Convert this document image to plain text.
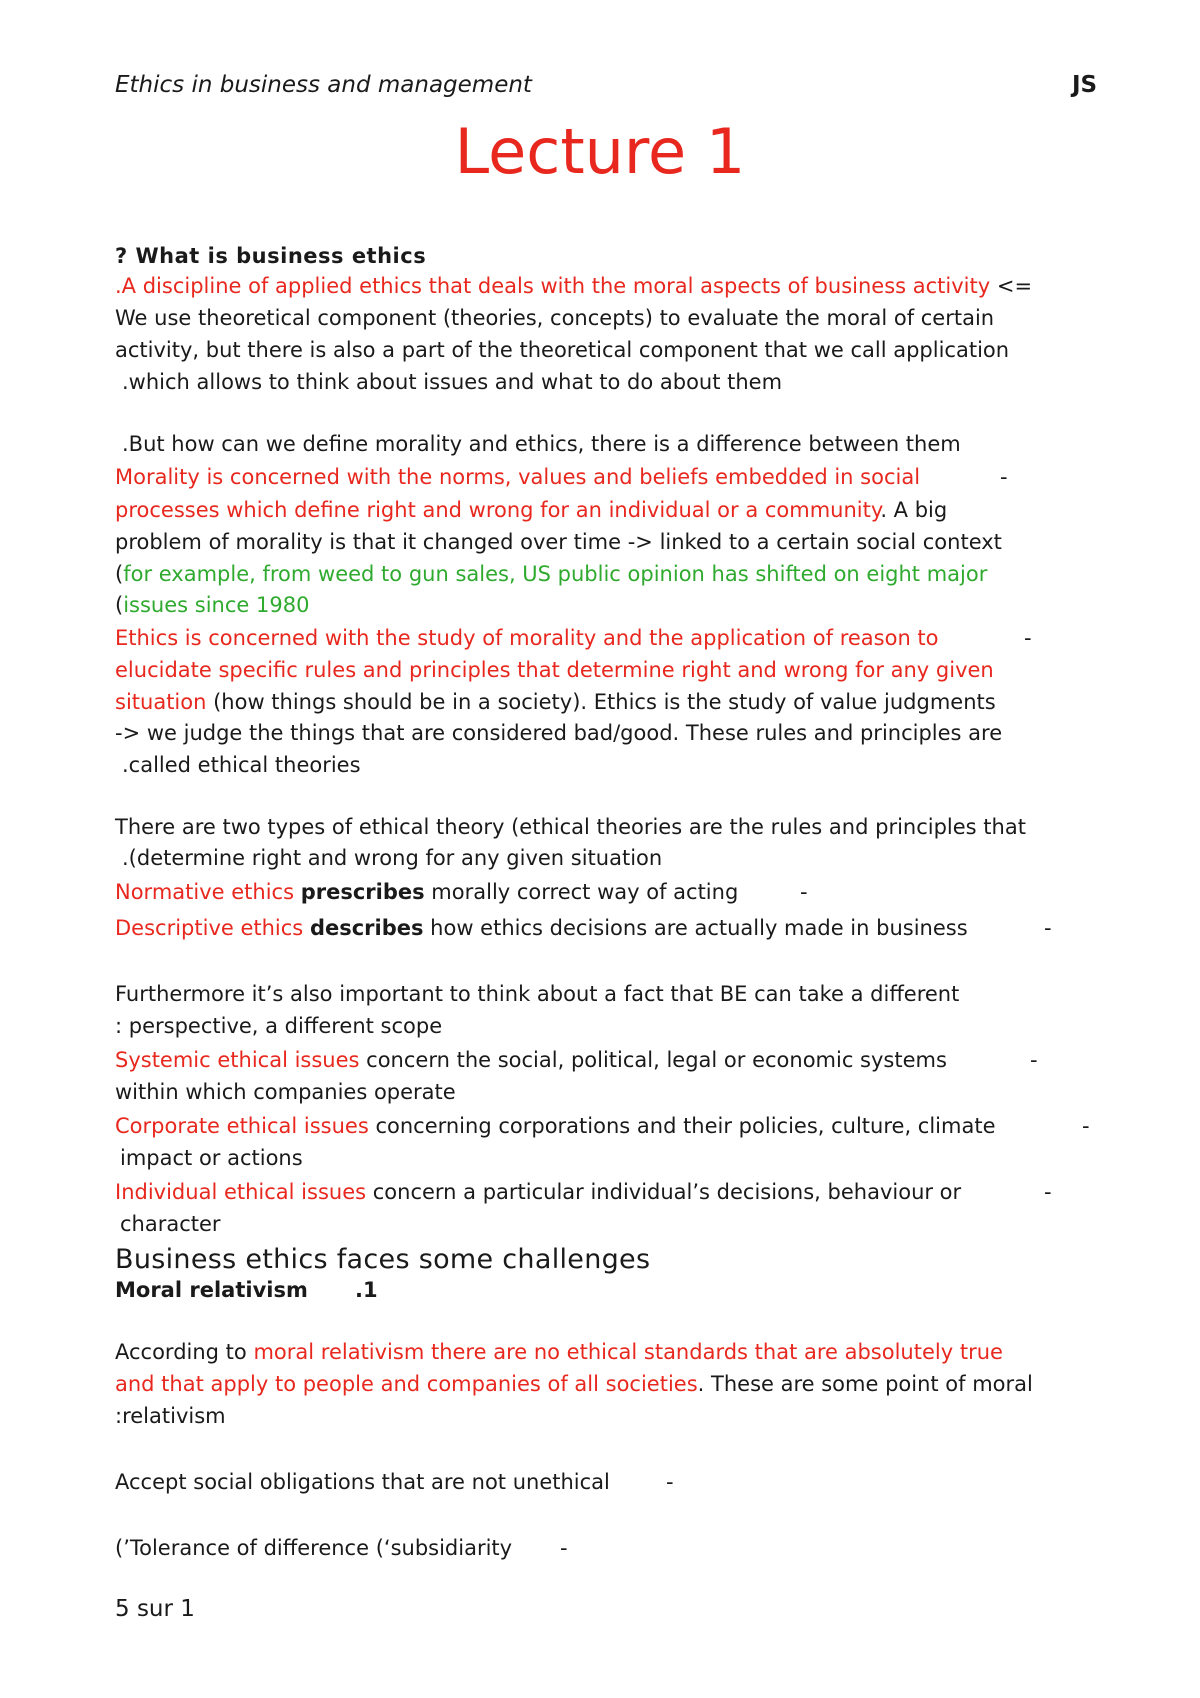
Ethics in business and management	JS
Lecture 1
? What is business ethics
.A discipline of applied ethics that deals with the moral aspects of business activity <=
We use theoretical component (theories, concepts) to evaluate the moral of certain
activity, but there is also a part of the theoretical component that we call application
.which allows to think about issues and what to do about them
.But how can we define morality and ethics, there is a difference between them
Morality is concerned with the norms, values and beliefs embedded in social	-
processes which define right and wrong for an individual or a community. A big
problem of morality is that it changed over time -> linked to a certain social context
(for example, from weed to gun sales, US public opinion has shifted on eight major
(issues since 1980
Ethics is concerned with the study of morality and the application of reason to	-
elucidate specific rules and principles that determine right and wrong for any given
situation (how things should be in a society). Ethics is the study of value judgments
-> we judge the things that are considered bad/good. These rules and principles are
.called ethical theories
There are two types of ethical theory (ethical theories are the rules and principles that
.(determine right and wrong for any given situation
Normative ethics prescribes morally correct way of acting	-
Descriptive ethics describes how ethics decisions are actually made in business	-
Furthermore it’s also important to think about a fact that BE can take a different
: perspective, a different scope
Systemic ethical issues concern the social, political, legal or economic systems	-
within which companies operate
Corporate ethical issues concerning corporations and their policies, culture, climate	-
impact or actions
Individual ethical issues concern a particular individual’s decisions, behaviour or	-
character
Business ethics faces some challenges
Moral relativism .1
According to moral relativism there are no ethical standards that are absolutely true
and that apply to people and companies of all societies. These are some point of moral
:relativism
Accept social obligations that are not unethical	-
(’Tolerance of difference (‘subsidiarity -
5 sur 1
